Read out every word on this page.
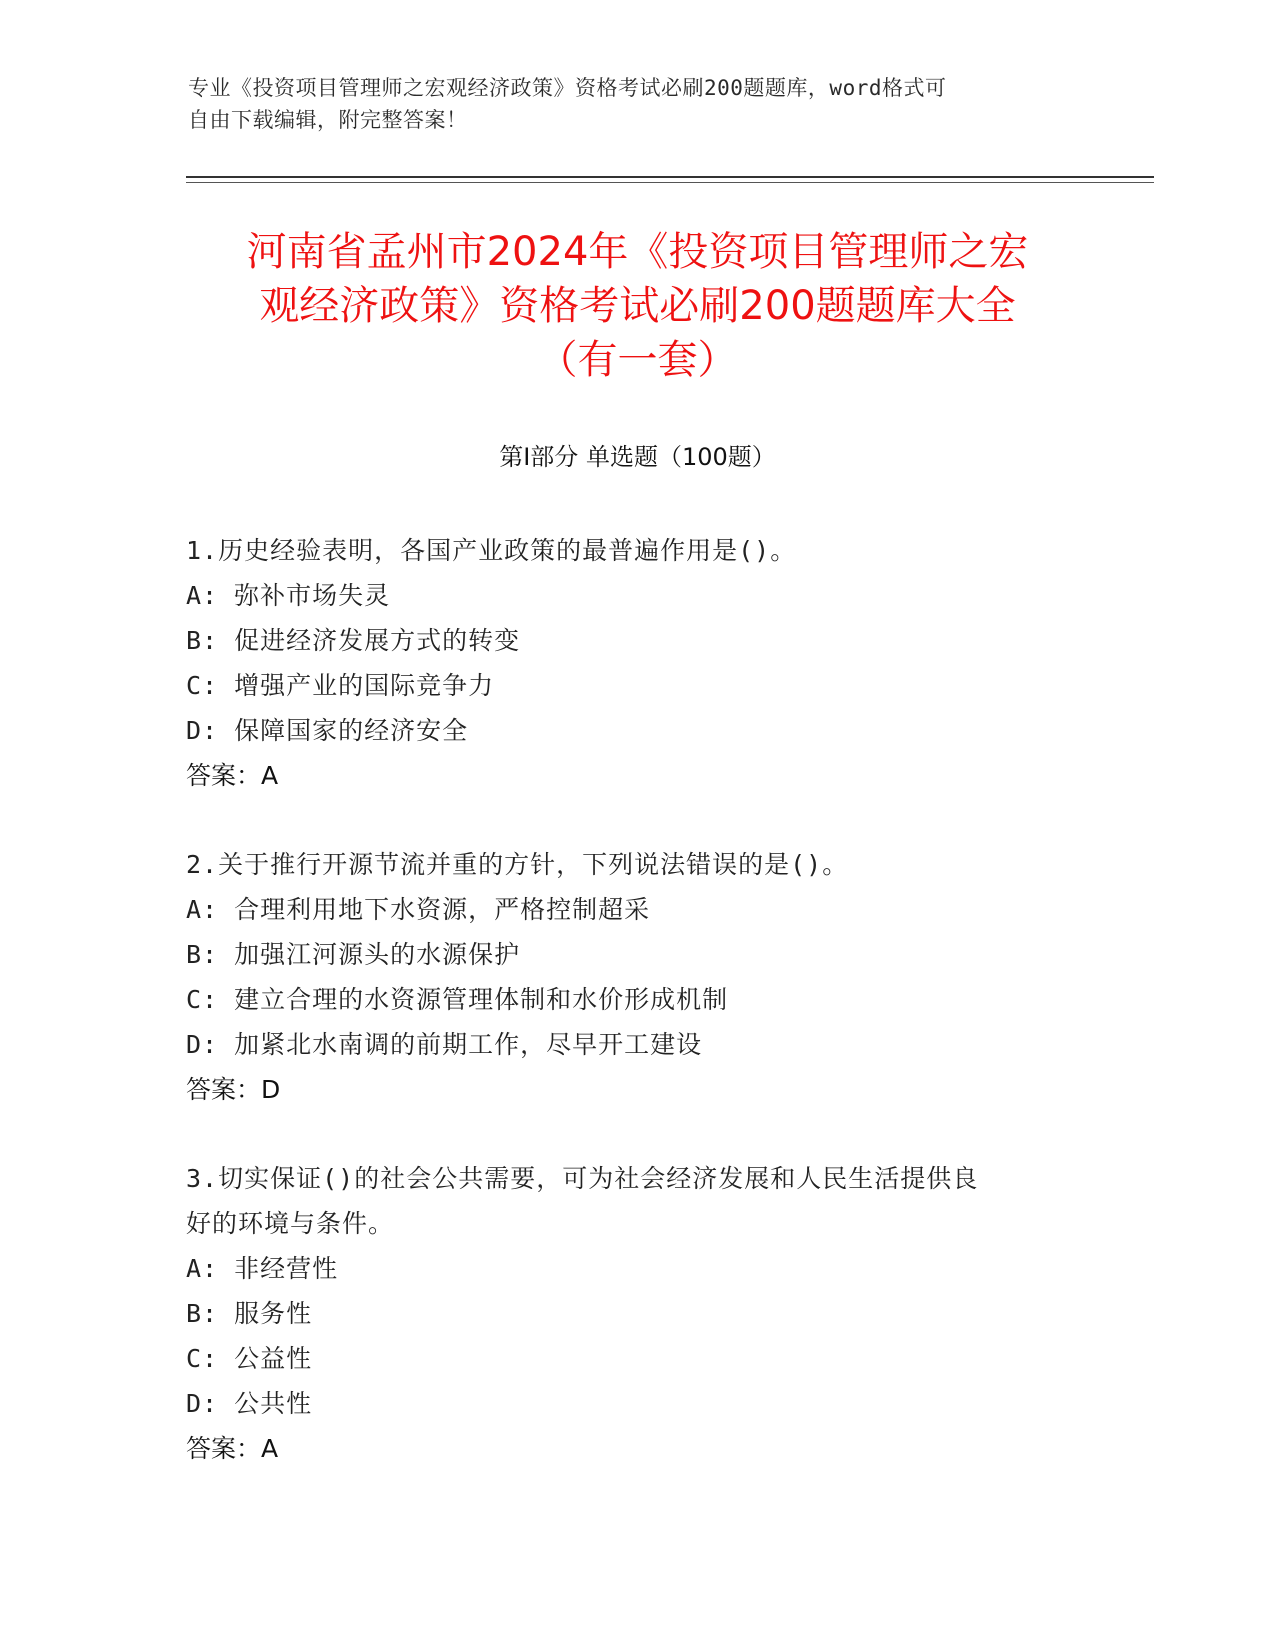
专业《投资项目管理师之宏观经济政策》资格考试必刷200题题库，word格式可
自由下载编辑，附完整答案！
河南省孟州市2024年《投资项目管理师之宏
观经济政策》资格考试必刷200题题库大全
（有一套）
第Ⅰ部分 单选题（100题）

1.历史经验表明，各国产业政策的最普遍作用是()。

A: 弥补市场失灵

B: 促进经济发展方式的转变

C: 增强产业的国际竞争力

D: 保障国家的经济安全

答案：A

2.关于推行开源节流并重的方针，下列说法错误的是()。

A: 合理利用地下水资源，严格控制超采

B: 加强江河源头的水源保护

C: 建立合理的水资源管理体制和水价形成机制

D: 加紧北水南调的前期工作，尽早开工建设

答案：D

3.切实保证()的社会公共需要，可为社会经济发展和人民生活提供良

好的环境与条件。

A: 非经营性

B: 服务性

C: 公益性

D: 公共性

答案：A
